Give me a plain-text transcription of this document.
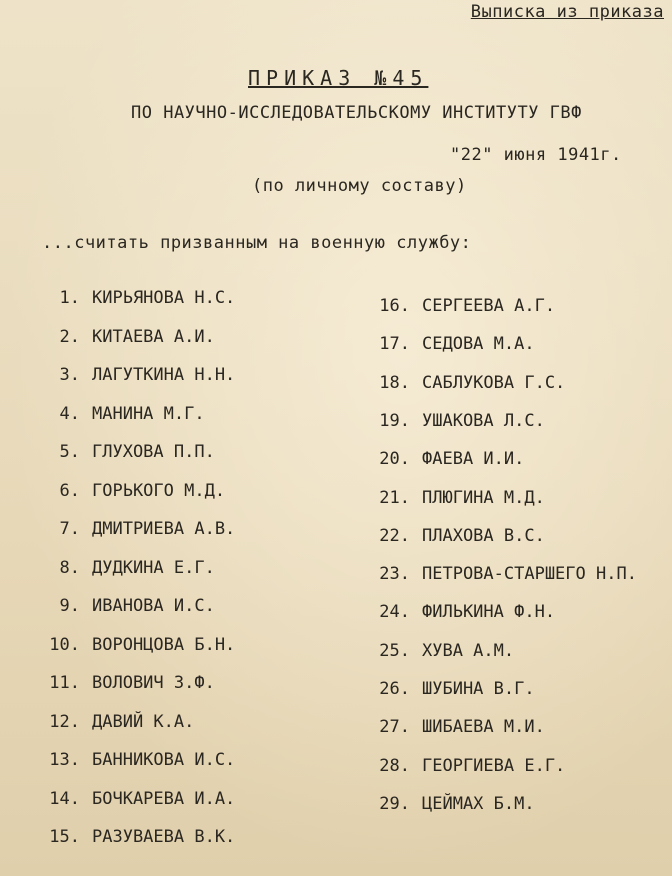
Выписка из приказа
ПРИКАЗ №45
ПО НАУЧНО-ИССЛЕДОВАТЕЛЬСКОМУ ИНСТИТУТУ ГВФ
"22" июня 1941г.
(по личному составу)
...считать призванным на военную службу:
1. КИРЬЯНОВА Н.С.
2. КИТАЕВА А.И.
3. ЛАГУТКИНА Н.Н.
4. МАНИНА М.Г.
5. ГЛУХОВА П.П.
6. ГОРЬКОГО М.Д.
7. ДМИТРИЕВА А.В.
8. ДУДКИНА Е.Г.
9. ИВАНОВА И.С.
10. ВОРОНЦОВА Б.Н.
11. ВОЛОВИЧ З.Ф.
12. ДАВИЙ К.А.
13. БАННИКОВА И.С.
14. БОЧКАРЕВА И.А.
15. РАЗУВАЕВА В.К.
16. СЕРГЕЕВА А.Г.
17. СЕДОВА М.А.
18. САБЛУКОВА Г.С.
19. УШАКОВА Л.С.
20. ФАЕВА И.И.
21. ПЛЮГИНА М.Д.
22. ПЛАХОВА В.С.
23. ПЕТРОВА-СТАРШЕГО Н.П.
24. ФИЛЬКИНА Ф.Н.
25. ХУВА А.М.
26. ШУБИНА В.Г.
27. ШИБАЕВА М.И.
28. ГЕОРГИЕВА Е.Г.
29. ЦЕЙМАХ Б.М.
